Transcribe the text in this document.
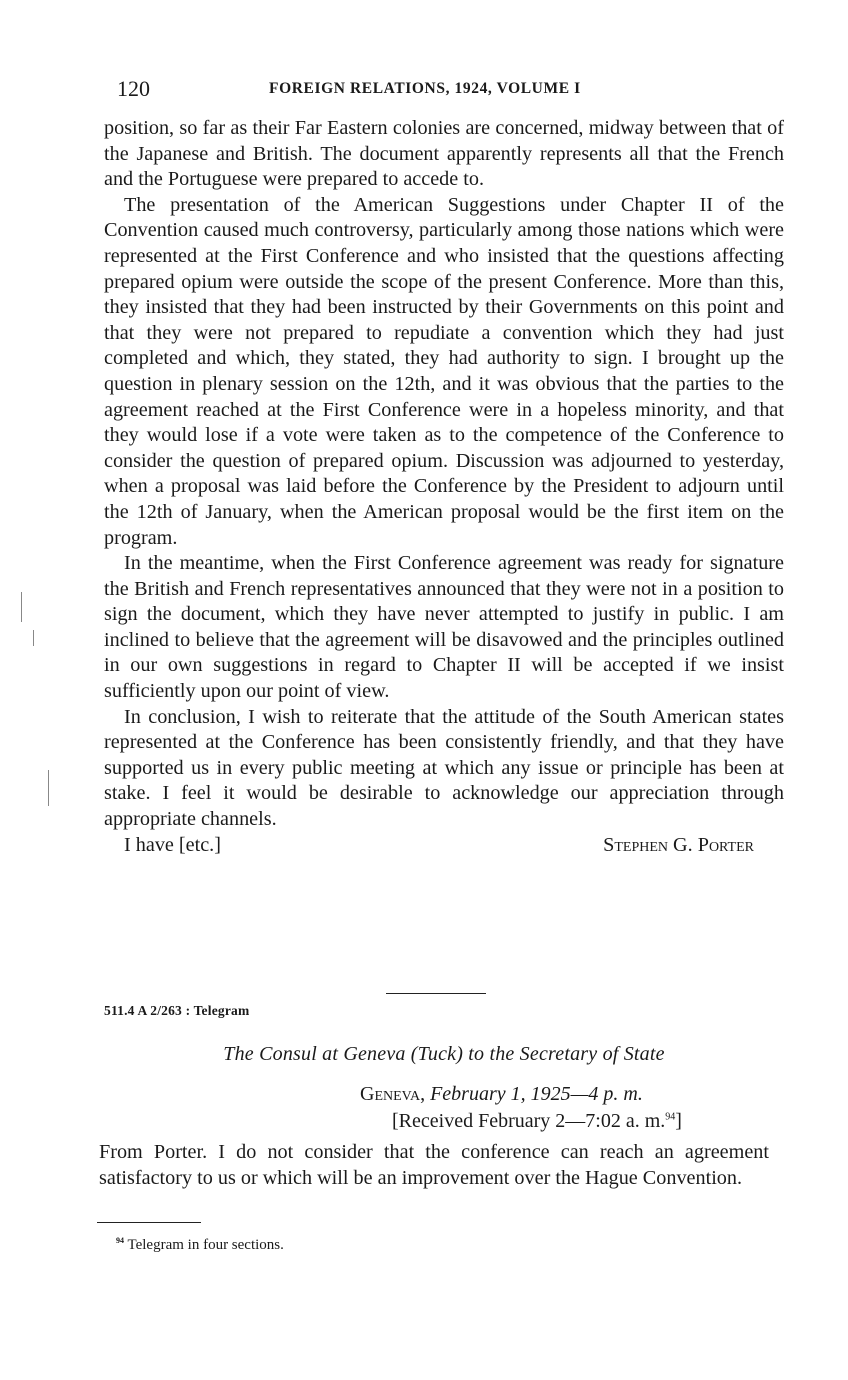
120	FOREIGN RELATIONS, 1924, VOLUME I

position, so far as their Far Eastern colonies are concerned, midway between that of the Japanese and British. The document apparently represents all that the French and the Portuguese were prepared to accede to.

The presentation of the American Suggestions under Chapter II of the Convention caused much controversy, particularly among those nations which were represented at the First Conference and who insisted that the questions affecting prepared opium were outside the scope of the present Conference. More than this, they insisted that they had been instructed by their Governments on this point and that they were not prepared to repudiate a convention which they had just completed and which, they stated, they had authority to sign. I brought up the question in plenary session on the 12th, and it was obvious that the parties to the agreement reached at the First Conference were in a hopeless minority, and that they would lose if a vote were taken as to the competence of the Conference to consider the question of prepared opium. Discussion was adjourned to yesterday, when a proposal was laid before the Conference by the President to adjourn until the 12th of January, when the American proposal would be the first item on the program.

In the meantime, when the First Conference agreement was ready for signature the British and French representatives announced that they were not in a position to sign the document, which they have never attempted to justify in public. I am inclined to believe that the agreement will be disavowed and the principles outlined in our own suggestions in regard to Chapter II will be accepted if we insist sufficiently upon our point of view.

In conclusion, I wish to reiterate that the attitude of the South American states represented at the Conference has been consistently friendly, and that they have supported us in every public meeting at which any issue or principle has been at stake. I feel it would be desirable to acknowledge our appreciation through appropriate channels.

I have [etc.]	Stephen G. Porter
511.4 A 2/263 : Telegram
The Consul at Geneva (Tuck) to the Secretary of State
Geneva, February 1, 1925—4 p. m.
[Received February 2—7:02 a. m.$^{94}$]

From Porter. I do not consider that the conference can reach an agreement satisfactory to us or which will be an improvement over the Hague Convention.

$^{94}$ Telegram in four sections.
